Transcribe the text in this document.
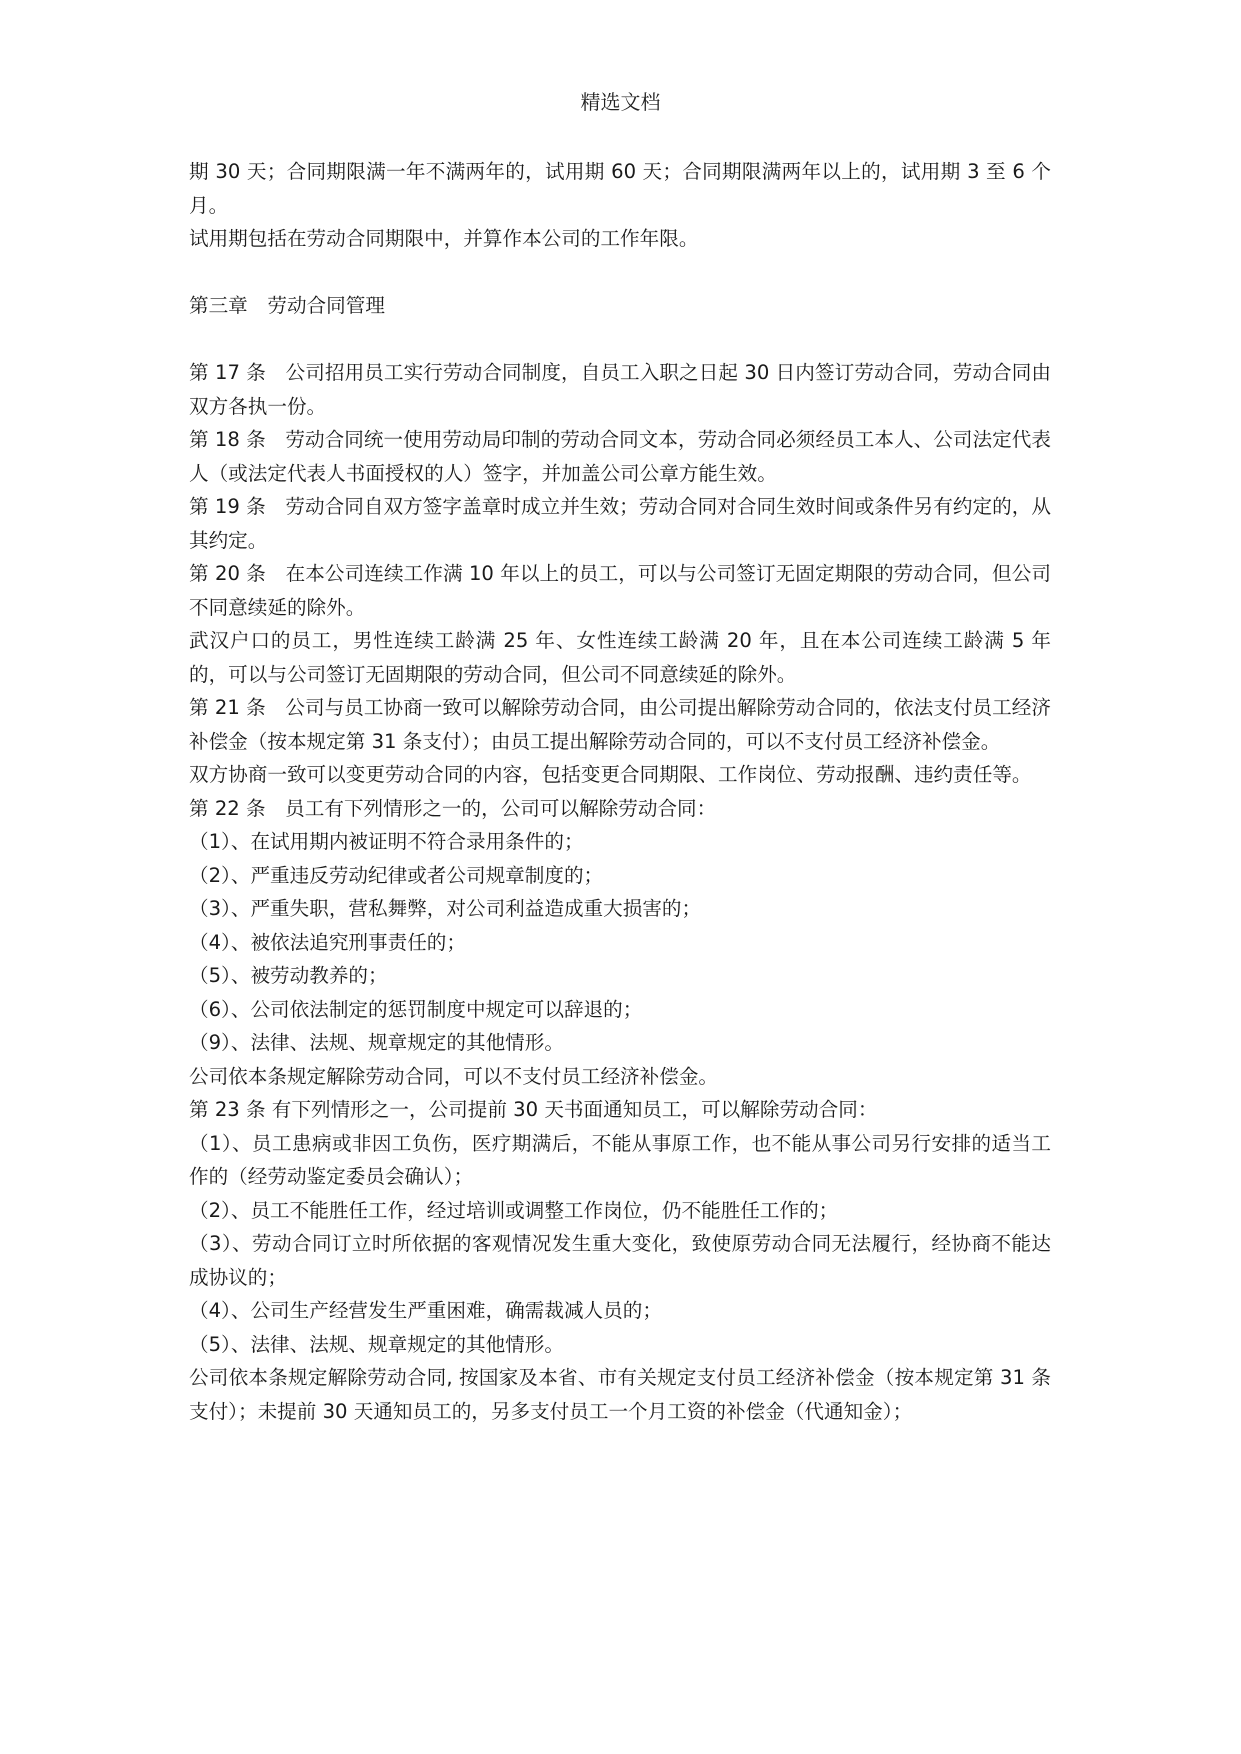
精选文档

期 30 天；合同期限满一年不满两年的，试用期 60 天；合同期限满两年以上的，试用期 3 至 6 个月。

试用期包括在劳动合同期限中，并算作本公司的工作年限。

第三章　劳动合同管理

第 17 条　公司招用员工实行劳动合同制度，自员工入职之日起 30 日内签订劳动合同，劳动合同由双方各执一份。

第 18 条　劳动合同统一使用劳动局印制的劳动合同文本，劳动合同必须经员工本人、公司法定代表人（或法定代表人书面授权的人）签字，并加盖公司公章方能生效。

第 19 条　劳动合同自双方签字盖章时成立并生效；劳动合同对合同生效时间或条件另有约定的，从其约定。

第 20 条　在本公司连续工作满 10 年以上的员工，可以与公司签订无固定期限的劳动合同，但公司不同意续延的除外。

武汉户口的员工，男性连续工龄满 25 年、女性连续工龄满 20 年，且在本公司连续工龄满 5 年的，可以与公司签订无固期限的劳动合同，但公司不同意续延的除外。

第 21 条　公司与员工协商一致可以解除劳动合同，由公司提出解除劳动合同的，依法支付员工经济补偿金（按本规定第 31 条支付）；由员工提出解除劳动合同的，可以不支付员工经济补偿金。

双方协商一致可以变更劳动合同的内容，包括变更合同期限、工作岗位、劳动报酬、违约责任等。

第 22 条　员工有下列情形之一的，公司可以解除劳动合同：

（1）、在试用期内被证明不符合录用条件的；

（2）、严重违反劳动纪律或者公司规章制度的；

（3）、严重失职，营私舞弊，对公司利益造成重大损害的；

（4）、被依法追究刑事责任的；

（5）、被劳动教养的；

（6）、公司依法制定的惩罚制度中规定可以辞退的；

（9）、法律、法规、规章规定的其他情形。

公司依本条规定解除劳动合同，可以不支付员工经济补偿金。

第 23 条 有下列情形之一，公司提前 30 天书面通知员工，可以解除劳动合同：

（1）、员工患病或非因工负伤，医疗期满后，不能从事原工作，也不能从事公司另行安排的适当工作的（经劳动鉴定委员会确认）；

（2）、员工不能胜任工作，经过培训或调整工作岗位，仍不能胜任工作的；

（3）、劳动合同订立时所依据的客观情况发生重大变化，致使原劳动合同无法履行，经协商不能达成协议的；

（4）、公司生产经营发生严重困难，确需裁减人员的；

（5）、法律、法规、规章规定的其他情形。

公司依本条规定解除劳动合同, 按国家及本省、市有关规定支付员工经济补偿金（按本规定第 31 条支付）；未提前 30 天通知员工的，另多支付员工一个月工资的补偿金（代通知金）；
